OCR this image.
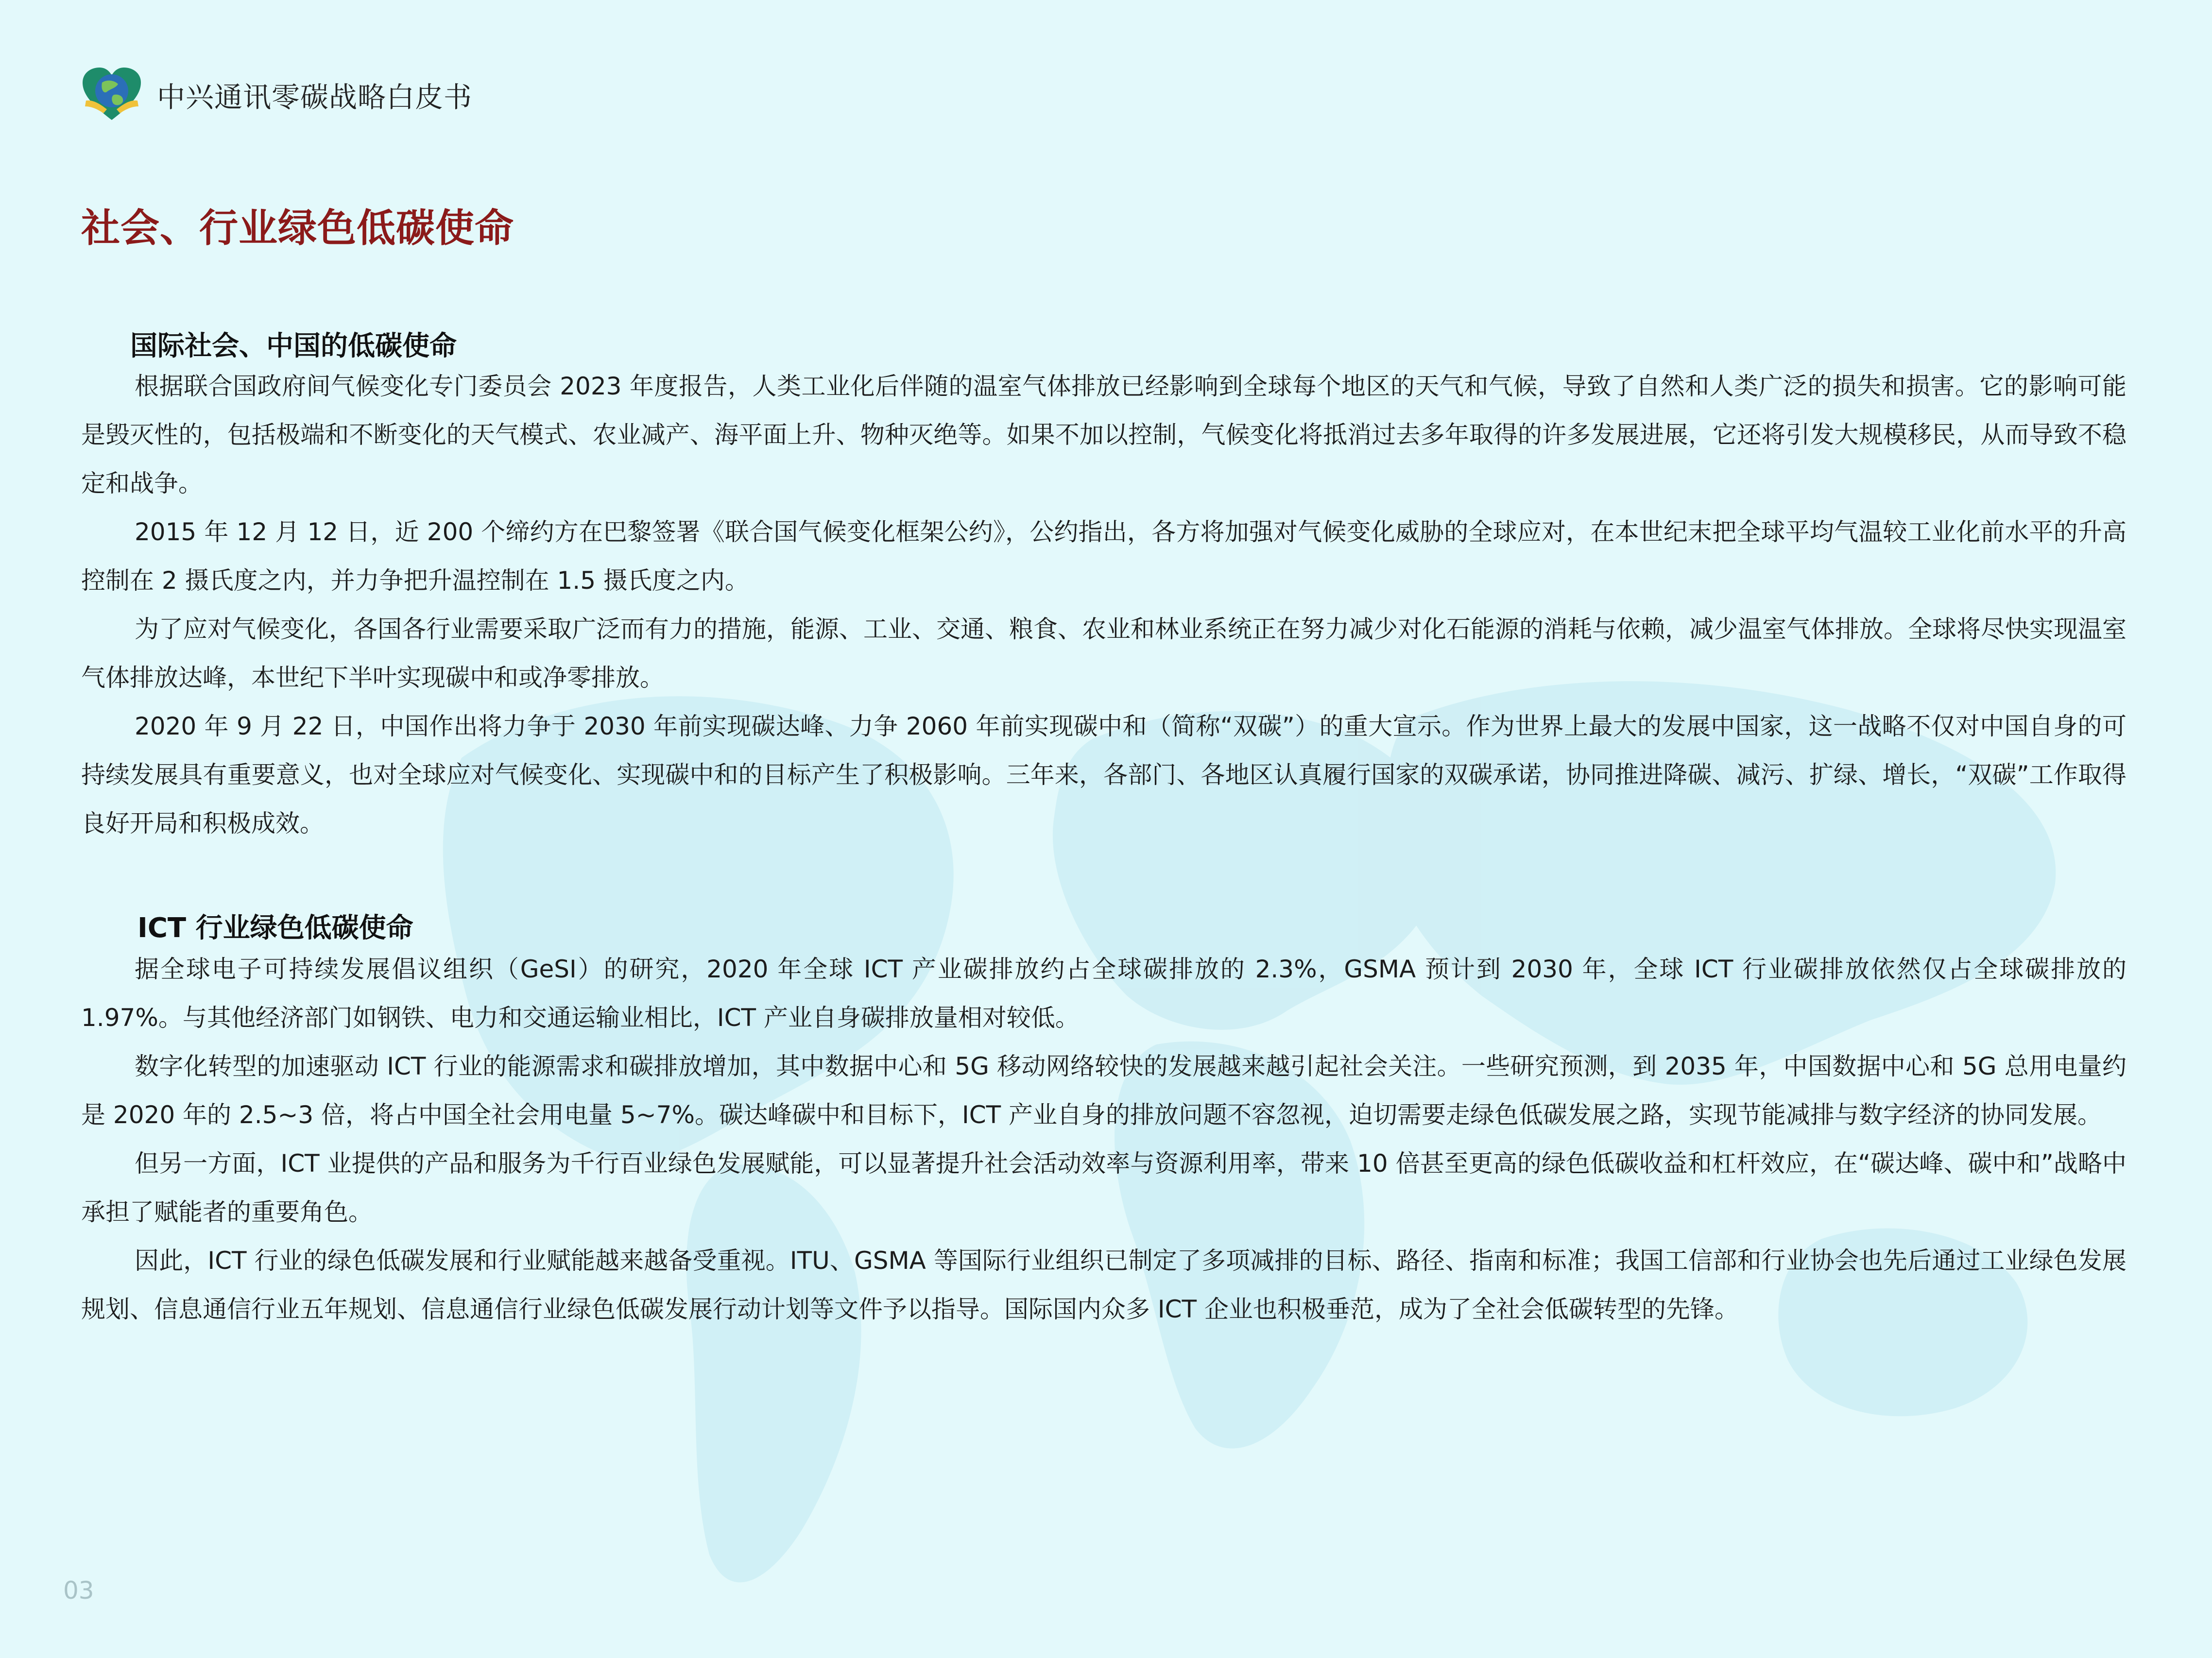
中兴通讯零碳战略白皮书
社会、行业绿色低碳使命
国际社会、中国的低碳使命

根据联合国政府间气候变化专门委员会 2023 年度报告，人类工业化后伴随的温室气体排放已经影响到全球每个地区的天气和气候，导致了自然和人类广泛的损失和损害。它的影响可能是毁灭性的，包括极端和不断变化的天气模式、农业减产、海平面上升、物种灭绝等。如果不加以控制，气候变化将抵消过去多年取得的许多发展进展，它还将引发大规模移民，从而导致不稳定和战争。

2015 年 12 月 12 日，近 200 个缔约方在巴黎签署《联合国气候变化框架公约》，公约指出，各方将加强对气候变化威胁的全球应对，在本世纪末把全球平均气温较工业化前水平的升高控制在 2 摄氏度之内，并力争把升温控制在 1.5 摄氏度之内。

为了应对气候变化，各国各行业需要采取广泛而有力的措施，能源、工业、交通、粮食、农业和林业系统正在努力减少对化石能源的消耗与依赖，减少温室气体排放。全球将尽快实现温室气体排放达峰，本世纪下半叶实现碳中和或净零排放。

2020 年 9 月 22 日，中国作出将力争于 2030 年前实现碳达峰、力争 2060 年前实现碳中和（简称“双碳”）的重大宣示。作为世界上最大的发展中国家，这一战略不仅对中国自身的可持续发展具有重要意义，也对全球应对气候变化、实现碳中和的目标产生了积极影响。三年来，各部门、各地区认真履行国家的双碳承诺，协同推进降碳、减污、扩绿、增长，“双碳”工作取得良好开局和积极成效。

ICT 行业绿色低碳使命

据全球电子可持续发展倡议组织（GeSI）的研究，2020 年全球 ICT 产业碳排放约占全球碳排放的 2.3%，GSMA 预计到 2030 年，全球 ICT 行业碳排放依然仅占全球碳排放的 1.97%。与其他经济部门如钢铁、电力和交通运输业相比，ICT 产业自身碳排放量相对较低。

数字化转型的加速驱动 ICT 行业的能源需求和碳排放增加，其中数据中心和 5G 移动网络较快的发展越来越引起社会关注。一些研究预测，到 2035 年，中国数据中心和 5G 总用电量约是 2020 年的 2.5~3 倍，将占中国全社会用电量 5~7%。碳达峰碳中和目标下，ICT 产业自身的排放问题不容忽视，迫切需要走绿色低碳发展之路，实现节能减排与数字经济的协同发展。

但另一方面，ICT 业提供的产品和服务为千行百业绿色发展赋能，可以显著提升社会活动效率与资源利用率，带来 10 倍甚至更高的绿色低碳收益和杠杆效应，在“碳达峰、碳中和”战略中承担了赋能者的重要角色。

因此，ICT 行业的绿色低碳发展和行业赋能越来越备受重视。ITU、GSMA 等国际行业组织已制定了多项减排的目标、路径、指南和标准；我国工信部和行业协会也先后通过工业绿色发展规划、信息通信行业五年规划、信息通信行业绿色低碳发展行动计划等文件予以指导。国际国内众多 ICT 企业也积极垂范，成为了全社会低碳转型的先锋。

03
